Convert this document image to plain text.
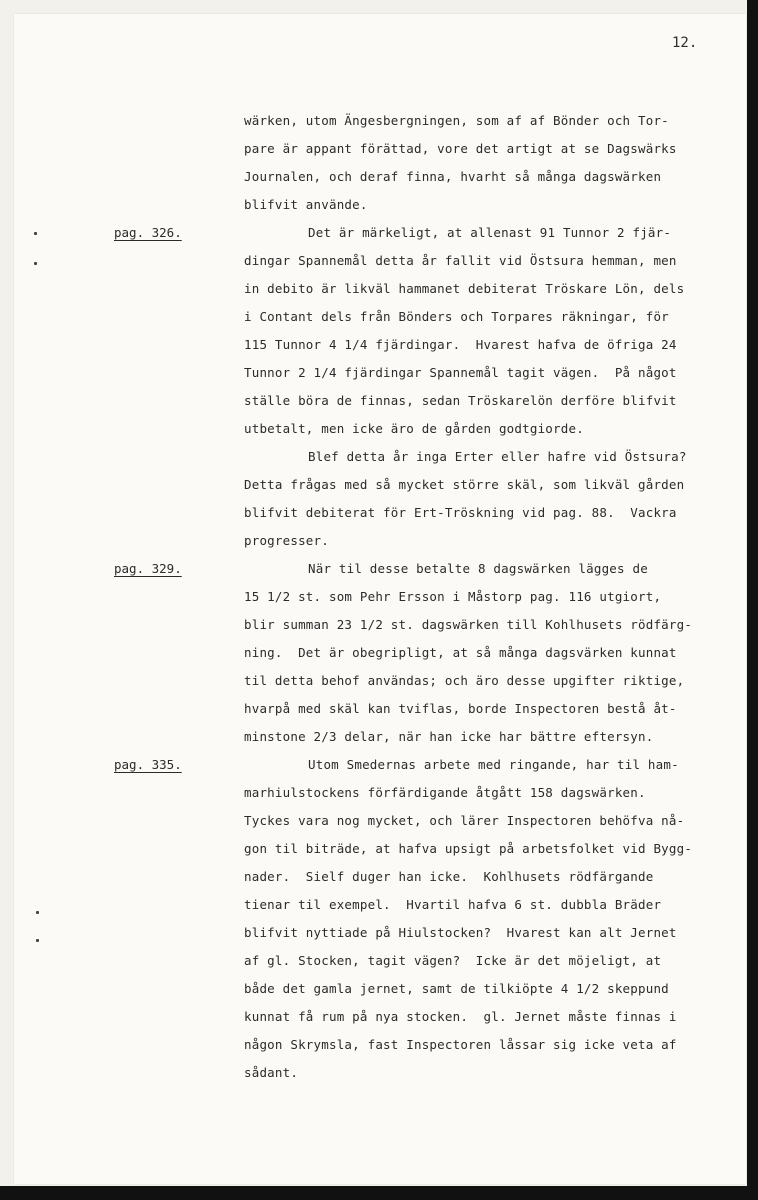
12.
pag. 326.
pag. 329.
pag. 335.
wärken, utom Ängesbergningen, som af af Bönder och Tor-
pare är appant förättad, vore det artigt at se Dagswärks
Journalen, och deraf finna, hvarht så många dagswärken
blifvit använde.
Det är märkeligt, at allenast 91 Tunnor 2 fjär-
dingar Spannemål detta år fallit vid Östsura hemman, men
in debito är likväl hammanet debiterat Tröskare Lön, dels
i Contant dels från Bönders och Torpares räkningar, för
115 Tunnor 4 1/4 fjärdingar.  Hvarest hafva de öfriga 24
Tunnor 2 1/4 fjärdingar Spannemål tagit vägen.  På något
ställe böra de finnas, sedan Tröskarelön derföre blifvit
utbetalt, men icke äro de gården godtgiorde.
Blef detta år inga Erter eller hafre vid Östsura?
Detta frågas med så mycket större skäl, som likväl gården
blifvit debiterat för Ert-Tröskning vid pag. 88.  Vackra
progresser.
När til desse betalte 8 dagswärken lägges de
15 1/2 st. som Pehr Ersson i Måstorp pag. 116 utgiort,
blir summan 23 1/2 st. dagswärken till Kohlhusets rödfärg-
ning.  Det är obegripligt, at så många dagsvärken kunnat
til detta behof användas; och äro desse upgifter riktige,
hvarpå med skäl kan tviflas, borde Inspectoren bestå åt-
minstone 2/3 delar, när han icke har bättre eftersyn.
Utom Smedernas arbete med ringande, har til ham-
marhiulstockens förfärdigande åtgått 158 dagswärken.
Tyckes vara nog mycket, och lärer Inspectoren behöfva nå-
gon til biträde, at hafva upsigt på arbetsfolket vid Bygg-
nader.  Sielf duger han icke.  Kohlhusets rödfärgande
tienar til exempel.  Hvartil hafva 6 st. dubbla Bräder
blifvit nyttiade på Hiulstocken?  Hvarest kan alt Jernet
af gl. Stocken, tagit vägen?  Icke är det möjeligt, at
både det gamla jernet, samt de tilkiöpte 4 1/2 skeppund
kunnat få rum på nya stocken.  gl. Jernet måste finnas i
någon Skrymsla, fast Inspectoren låssar sig icke veta af
sådant.
